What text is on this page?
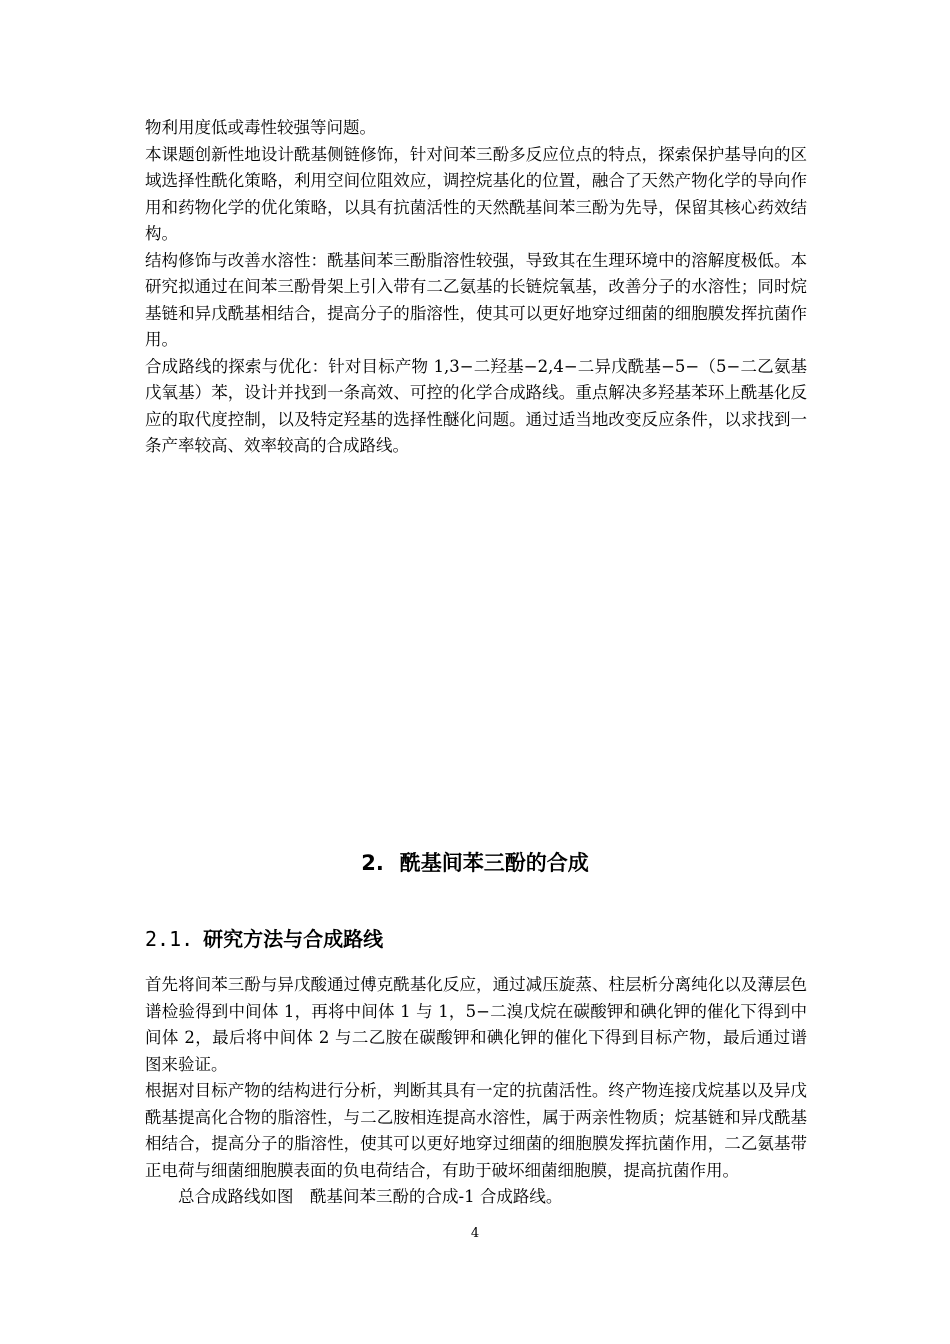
物利用度低或毒性较强等问题。

本课题创新性地设计酰基侧链修饰，针对间苯三酚多反应位点的特点，探索保护基导向的区域选择性酰化策略，利用空间位阻效应，调控烷基化的位置，融合了天然产物化学的导向作用和药物化学的优化策略，以具有抗菌活性的天然酰基间苯三酚为先导，保留其核心药效结构。

结构修饰与改善水溶性：酰基间苯三酚脂溶性较强，导致其在生理环境中的溶解度极低。本研究拟通过在间苯三酚骨架上引入带有二乙氨基的长链烷氧基，改善分子的水溶性；同时烷基链和异戊酰基相结合，提高分子的脂溶性，使其可以更好地穿过细菌的细胞膜发挥抗菌作用。

合成路线的探索与优化：针对目标产物 1,3−二羟基−2,4−二异戊酰基−5−（5−二乙氨基戊氧基）苯，设计并找到一条高效、可控的化学合成路线。重点解决多羟基苯环上酰基化反应的取代度控制，以及特定羟基的选择性醚化问题。通过适当地改变反应条件，以求找到一条产率较高、效率较高的合成路线。

2. 酰基间苯三酚的合成
2.1. 研究方法与合成路线

首先将间苯三酚与异戊酸通过傅克酰基化反应，通过减压旋蒸、柱层析分离纯化以及薄层色谱检验得到中间体 1，再将中间体 1 与 1，5−二溴戊烷在碳酸钾和碘化钾的催化下得到中间体 2，最后将中间体 2 与二乙胺在碳酸钾和碘化钾的催化下得到目标产物，最后通过谱图来验证。

根据对目标产物的结构进行分析，判断其具有一定的抗菌活性。终产物连接戊烷基以及异戊酰基提高化合物的脂溶性，与二乙胺相连提高水溶性，属于两亲性物质；烷基链和异戊酰基相结合，提高分子的脂溶性，使其可以更好地穿过细菌的细胞膜发挥抗菌作用，二乙氨基带正电荷与细菌细胞膜表面的负电荷结合，有助于破坏细菌细胞膜，提高抗菌作用。

总合成路线如图　酰基间苯三酚的合成-1 合成路线。

4
